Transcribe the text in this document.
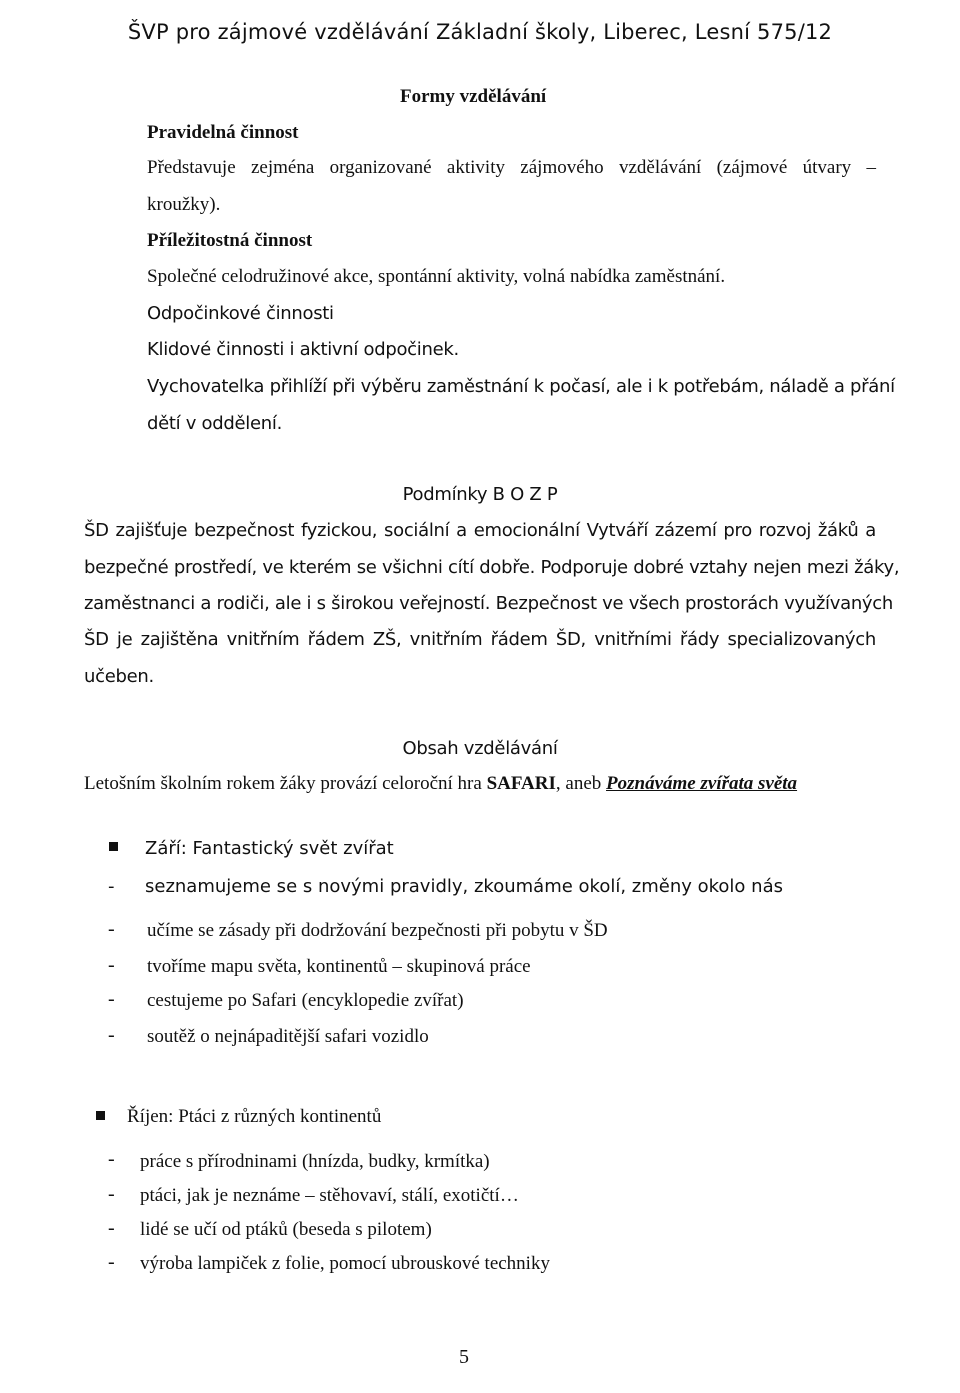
ŠVP pro zájmové vzdělávání Základní školy, Liberec, Lesní 575/12
Formy vzdělávání
Pravidelná činnost
Představuje zejména organizované aktivity zájmového vzdělávání (zájmové útvary –
kroužky).
Příležitostná činnost
Společné celodružinové akce, spontánní aktivity, volná nabídka zaměstnání.
Odpočinkové činnosti
Klidové činnosti i aktivní odpočinek.
Vychovatelka přihlíží při výběru zaměstnání k počasí, ale i k potřebám, náladě a přání
dětí v oddělení.
Podmínky B O Z P
ŠD zajišťuje bezpečnost fyzickou, sociální a emocionální Vytváří zázemí pro rozvoj žáků a
bezpečné prostředí, ve kterém se všichni cítí dobře. Podporuje dobré vztahy nejen mezi žáky,
zaměstnanci a rodiči, ale i s širokou veřejností. Bezpečnost ve všech prostorách využívaných
ŠD je zajištěna vnitřním řádem ZŠ, vnitřním řádem ŠD, vnitřními řády specializovaných
učeben.
Obsah vzdělávání
Letošním školním rokem žáky provází celoroční hra SAFARI, aneb Poznáváme zvířata světa
Září: Fantastický svět zvířat
- seznamujeme se s novými pravidly, zkoumáme okolí, změny okolo nás
- učíme se zásady při dodržování bezpečnosti při pobytu v ŠD
- tvoříme mapu světa, kontinentů – skupinová práce
- cestujeme po Safari (encyklopedie zvířat)
- soutěž o nejnápaditější safari vozidlo
Říjen: Ptáci z různých kontinentů
- práce s přírodninami (hnízda, budky, krmítka)
- ptáci, jak je neznáme – stěhovaví, stálí, exotičtí…
- lidé se učí od ptáků (beseda s pilotem)
- výroba lampiček z folie, pomocí ubrouskové techniky
5
